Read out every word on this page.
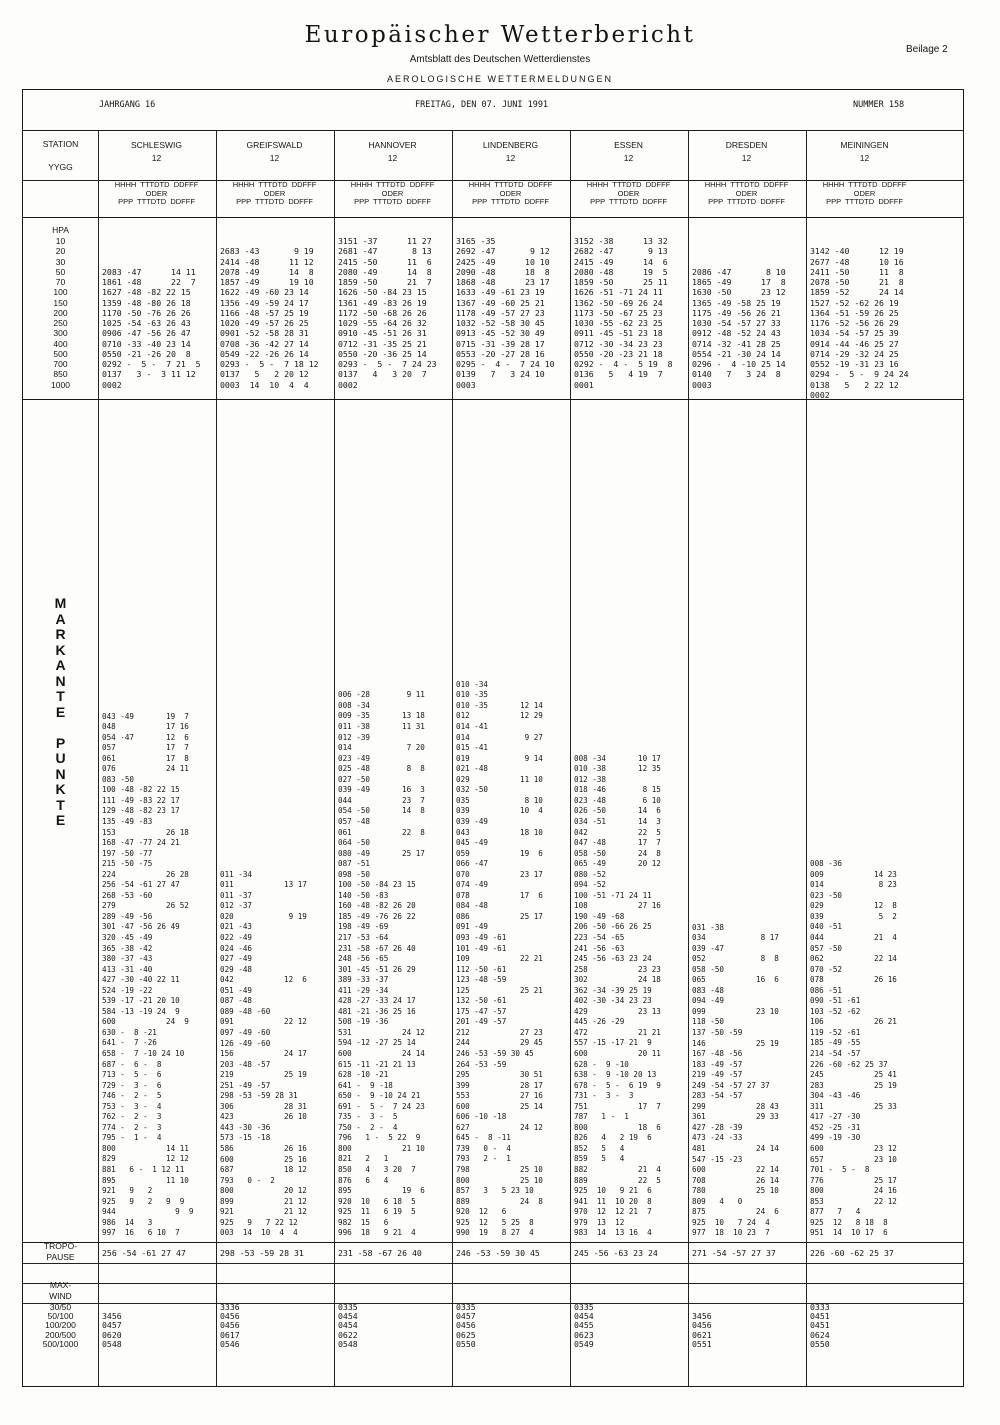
Europäischer Wetterbericht
Amtsblatt des Deutschen Wetterdienstes
Beilage 2
AEROLOGISCHE WETTERMELDUNGEN
JAHRGANG 16	FREITAG, DEN 07. JUNI 1991	NUMMER 158
STATION
YYGG
HPA
10
20
30
50
70
100
150
200
250
300
400
500
700
850
1000
M
A
R
K
A
N
T
E

P
U
N
K
T
E
TROPO-
PAUSE
MAX-
WIND
30/50
50/100
100/200
200/500
500/1000
SCHLESWIG
12
HHHH  TTTDTD  DDFFF
ODER
PPP  TTTDTD  DDFFF

2083 -47      14 11
1861 -48      22  7
1627 -48 -82 22 15
1359 -48 -80 26 18
1170 -50 -76 26 26
1025 -54 -63 26 43
0906 -47 -56 26 47
0710 -33 -40 23 14
0550 -21 -26 20  8
0292 -  5 -  7 21  5
0137   3 -  3 11 12
0002
043 -49       19  7
048           17 16
054 -47       12  6
057           17  7
061           17  8
076           24 11
083 -50
100 -48 -82 22 15
111 -49 -83 22 17
129 -48 -82 23 17
135 -49 -83
153           26 18
168 -47 -77 24 21
197 -50 -77
215 -50 -75
224           26 28
256 -54 -61 27 47
268 -53 -60
279           26 52
289 -49 -56
301 -47 -56 26 49
320 -45 -49
365 -38 -42
380 -37 -43
413 -31 -40
427 -30 -40 22 11
524 -19 -22
539 -17 -21 20 10
584 -13 -19 24  9
600           24  9
630 -  8 -21
641 -  7 -26
658 -  7 -10 24 10
687 -  6 -  8
713 -  5 -  6
729 -  3 -  6
746 -  2 -  5
753 -  3 -  4
762 -  2 -  3
774 -  2 -  3
795 -  1 -  4
800           14 11
829           12 12
881   6 -  1 12 11
895           11 10
921   9   2
925   9   2   9  9
944             9  9
986  14   3
997  16   6 10  7
256 -54 -61 27 47

3456
0457
0620
0548
GREIFSWALD
12
HHHH  TTTDTD  DDFFF
ODER
PPP  TTTDTD  DDFFF

2683 -43       9 19
2414 -48      11 12
2078 -49      14  8
1857 -49      19 10
1622 -49 -60 23 14
1356 -49 -59 24 17
1166 -48 -57 25 19
1020 -49 -57 26 25
0901 -52 -58 28 31
0708 -36 -42 27 14
0549 -22 -26 26 14
0293 -  5 -  7 18 12
0137   5   2 20 12
0003  14  10  4  4
011 -34
011           13 17
011 -37
012 -37
020            9 19
021 -43
022 -49
024 -46
027 -49
029 -48
042           12  6
051 -49
087 -48
089 -48 -60
091           22 12
097 -49 -60
126 -49 -60
156           24 17
203 -48 -57
219           25 19
251 -49 -57
298 -53 -59 28 31
306           28 31
423           26 10
443 -30 -36
573 -15 -18
586           26 16
600           25 16
687           18 12
793   0 -  2
800           20 12
899           21 12
921           21 12
925   9   7 22 12
003  14  10  4  4
298 -53 -59 28 31
3336
0456
0456
0617
0546
HANNOVER
12
HHHH  TTTDTD  DDFFF
ODER
PPP  TTTDTD  DDFFF
3151 -37      11 27
2681 -47       8 13
2415 -50      11  6
2080 -49      14  8
1859 -50      21  7
1626 -50 -84 23 15
1361 -49 -83 26 19
1172 -50 -68 26 26
1029 -55 -64 26 32
0910 -45 -51 26 31
0712 -31 -35 25 21
0550 -20 -36 25 14
0293 -  5 -  7 24 23
0137   4   3 20  7
0002
006 -28        9 11
008 -34
009 -35       13 18
011 -38       11 31
012 -39
014            7 20
023 -49
025 -48        8  8
027 -50
039 -49       16  3
044           23  7
054 -50       14  8
057 -48
061           22  8
064 -50
080 -49       25 17
087 -51
098 -50
100 -50 -84 23 15
140 -50 -83
160 -48 -82 26 20
185 -49 -76 26 22
198 -49 -69
217 -53 -64
231 -58 -67 26 40
248 -56 -65
301 -45 -51 26 29
389 -33 -37
411 -29 -34
428 -27 -33 24 17
481 -21 -36 25 16
508 -19 -36
531           24 12
594 -12 -27 25 14
600           24 14
615 -11 -21 21 13
628 -10 -21
641 -  9 -18
650 -  9 -10 24 21
691 -  5 -  7 24 23
735 -  3 -  5
750 -  2 -  4
796   1 -  5 22  9
800           21 10
821   2   1
850   4   3 20  7
876   6   4
895           19  6
920  10   6 18  5
925  11   6 19  5
982  15   6
996  18   9 21  4
231 -58 -67 26 40
0335
0454
0454
0622
0548
LINDENBERG
12
HHHH  TTTDTD  DDFFF
ODER
PPP  TTTDTD  DDFFF
3165 -35
2692 -47       9 12
2425 -49      10 10
2090 -48      18  8
1868 -48      23 17
1633 -49 -61 23 19
1367 -49 -60 25 21
1178 -49 -57 27 23
1032 -52 -58 30 45
0913 -45 -52 30 49
0715 -31 -39 28 17
0553 -20 -27 28 16
0295 -  4 -  7 24 10
0139   7   3 24 10
0003
010 -34
010 -35
010 -35       12 14
012           12 29
014 -41
014            9 27
015 -41
019            9 14
021 -48
029           11 10
032 -50
035            8 10
039           10  4
039 -49
043           18 10
045 -49
059           19  6
066 -47
070           23 17
074 -49
078           17  6
084 -48
086           25 17
091 -49
093 -49 -61
101 -49 -61
109           22 21
112 -50 -61
123 -48 -59
125           25 21
132 -50 -61
175 -47 -57
201 -49 -57
212           27 23
244           29 45
246 -53 -59 30 45
264 -53 -59
295           30 51
399           28 17
553           27 16
600           25 14
606 -10 -18
627           24 12
645 -  8 -11
739   0 -  4
793   2 -  1
798           25 10
800           25 10
857   3   5 23 10
889           24  8
920  12   6
925  12   5 25  8
990  19   8 27  4
246 -53 -59 30 45
0335
0457
0456
0625
0550
ESSEN
12
HHHH  TTTDTD  DDFFF
ODER
PPP  TTTDTD  DDFFF
3152 -38      13 32
2682 -47       9 13
2415 -49      14  6
2080 -48      19  5
1859 -50      25 11
1626 -51 -71 24 11
1362 -50 -69 26 24
1173 -50 -67 25 23
1030 -55 -62 23 25
0911 -45 -51 23 18
0712 -30 -34 23 23
0550 -20 -23 21 18
0292 -  4 -  5 19  8
0136   5   4 19  7
0001
008 -34       10 17
010 -38       12 35
012 -38
018 -46        8 15
023 -48        6 10
026 -50       14  6
034 -51       14  3
042           22  5
047 -48       17  7
058 -50       24  8
065 -49       20 12
080 -52
094 -52
100 -51 -71 24 11
108           27 16
190 -49 -68
206 -50 -66 26 25
223 -54 -65
241 -56 -63
245 -56 -63 23 24
258           23 23
302           24 18
362 -34 -39 25 19
402 -30 -34 23 23
429           23 13
445 -26 -29
472           21 21
557 -15 -17 21  9
600           20 11
628 -  9 -10
638 -  9 -10 20 13
678 -  5 -  6 19  9
731 -  3 -  3
751           17  7
787   1 -  1
800           18  6
826   4   2 19  6
852   5   4
859   5   4
882           21  4
889           22  5
925  10   9 21  6
941  11  10 20  8
970  12  12 21  7
979  13  12
983  14  13 16  4
245 -56 -63 23 24
0335
0454
0455
0623
0549
DRESDEN
12
HHHH  TTTDTD  DDFFF
ODER
PPP  TTTDTD  DDFFF

2086 -47       8 10
1865 -49      17  8
1630 -50      23 12
1365 -49 -58 25 19
1175 -49 -56 26 21
1030 -54 -57 27 33
0912 -48 -52 24 43
0714 -32 -41 28 25
0554 -21 -30 24 14
0296 -  4 -10 25 14
0140   7   3 24  8
0003
031 -38
034            8 17
039 -47
052            8  8
058 -50
065           16  6
083 -48
094 -49
099           23 10
118 -50
137 -50 -59
146           25 19
167 -48 -56
183 -49 -57
219 -49 -57
249 -54 -57 27 37
283 -54 -57
299           28 43
361           29 33
427 -28 -39
473 -24 -33
481           24 14
547 -15 -23
600           22 14
708           26 14
780           25 10
809   4   0
875           24  6
925  10   7 24  4
977  18  10 23  7
271 -54 -57 27 37

3456
0456
0621
0551
MEININGEN
12
HHHH  TTTDTD  DDFFF
ODER
PPP  TTTDTD  DDFFF

3142 -40      12 19
2677 -48      10 16
2411 -50      11  8
2078 -50      21  8
1859 -52      24 14
1527 -52 -62 26 19
1364 -51 -59 26 25
1176 -52 -56 26 29
1034 -54 -57 25 39
0914 -44 -46 25 27
0714 -29 -32 24 25
0552 -19 -31 23 16
0294 -  5 -  9 24 24
0138   5   2 22 12
0002
008 -36
009           14 23
014            8 23
023 -50
029           12  8
039            5  2
040 -51
044           21  4
057 -50
062           22 14
070 -52
078           26 16
086 -51
090 -51 -61
103 -52 -62
106           26 21
119 -52 -61
185 -49 -55
214 -54 -57
226 -60 -62 25 37
245           25 41
283           25 19
304 -43 -46
311           25 33
417 -27 -30
452 -25 -31
499 -19 -30
600           23 12
657           23 10
701 -  5 -  8
776           25 17
800           24 16
853           22 12
877   7   4
925  12   8 18  8
951  14  10 17  6
226 -60 -62 25 37
0333
0451
0451
0624
0550
